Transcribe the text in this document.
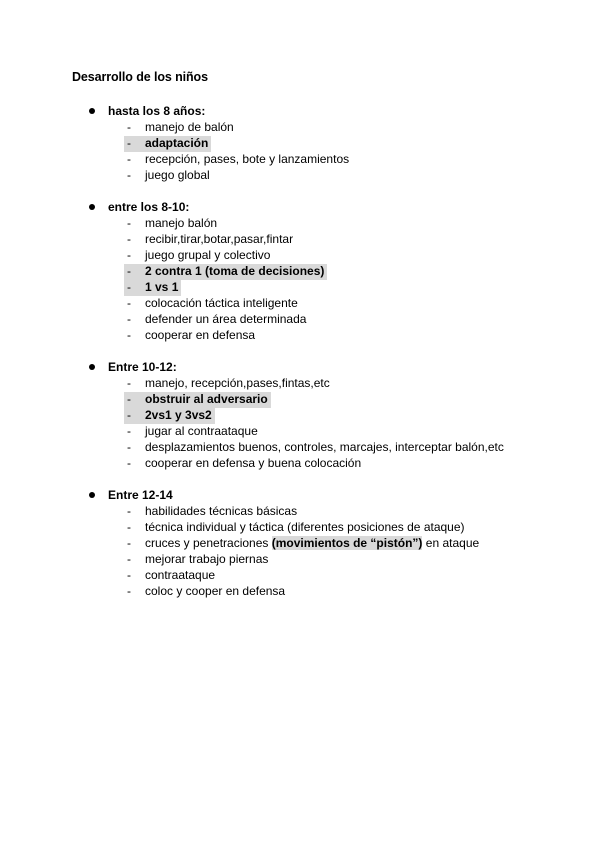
Desarrollo de los niños
hasta los 8 años:
- manejo de balón
- adaptación
- recepción, pases, bote y lanzamientos
- juego global
entre los 8-10:
- manejo balón
- recibir,tirar,botar,pasar,fintar
- juego grupal y colectivo
- 2 contra 1 (toma de decisiones)
- 1 vs 1
- colocación táctica inteligente
- defender un área determinada
- cooperar en defensa
Entre 10-12:
- manejo, recepción,pases,fintas,etc
- obstruir al adversario
- 2vs1 y 3vs2
- jugar al contraataque
- desplazamientos buenos, controles, marcajes, interceptar balón,etc
- cooperar en defensa y buena colocación
Entre 12-14
- habilidades técnicas básicas
- técnica individual y táctica (diferentes posiciones de ataque)
- cruces y penetraciones (movimientos de “pistón”) en ataque
- mejorar trabajo piernas
- contraataque
- coloc y cooper en defensa
